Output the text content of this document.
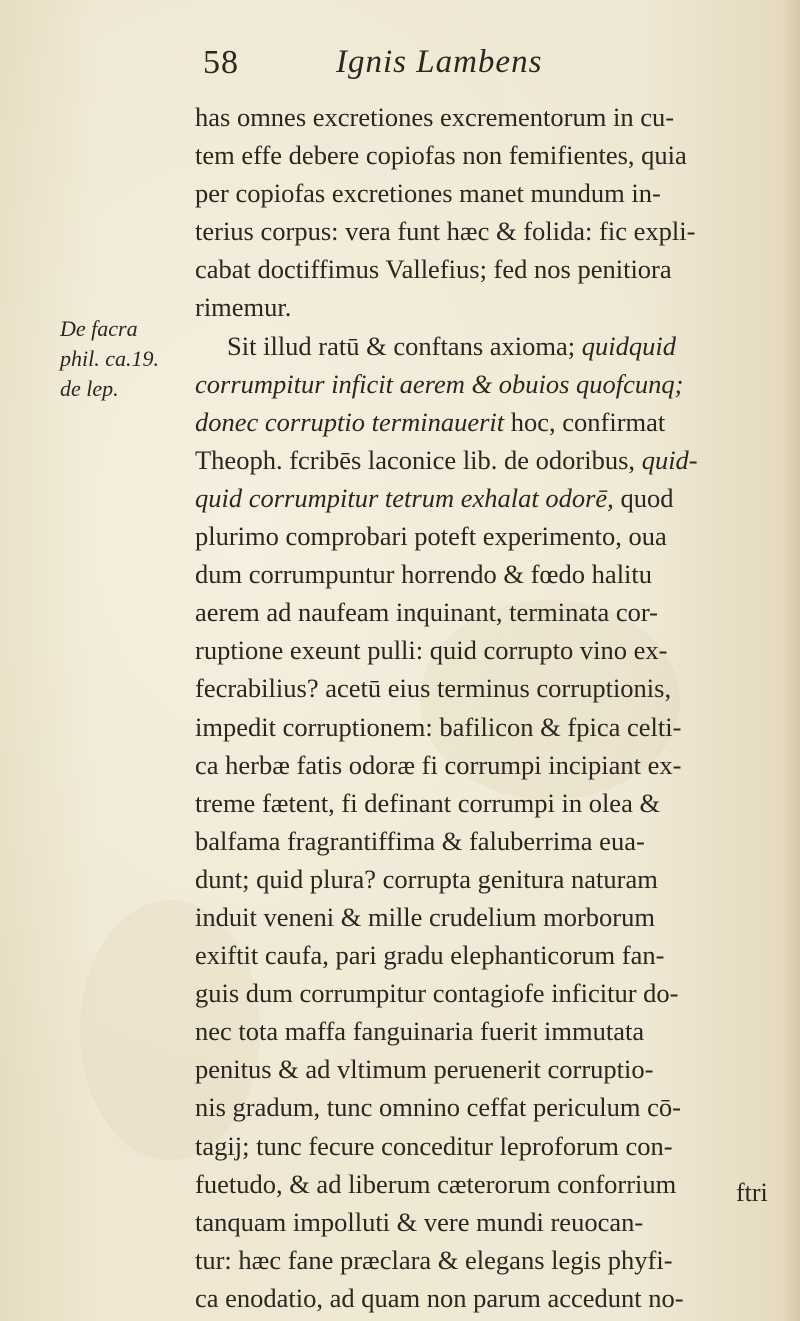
58	Ignis Lambens
De facra
phil. ca.19.
de lep.
has omnes excretiones excrementorum in cu-
tem effe debere copiofas non femifientes, quia
per copiofas excretiones manet mundum in-
terius corpus: vera funt hæc & folida: fic expli-
cabat doctiffimus Vallefius; fed nos penitiora
rimemur.
Sit illud ratū & conftans axioma; quidquid
corrumpitur inficit aerem & obuios quofcunq;
donec corruptio terminauerit hoc, confirmat
Theoph. fcribēs laconice lib. de odoribus, quid-
quid corrumpitur tetrum exhalat odorē, quod
plurimo comprobari poteft experimento, oua
dum corrumpuntur horrendo & fœdo halitu
aerem ad naufeam inquinant, terminata cor-
ruptione exeunt pulli: quid corrupto vino ex-
fecrabilius? acetū eius terminus corruptionis,
impedit corruptionem: bafilicon & fpica celti-
ca herbæ fatis odoræ fi corrumpi incipiant ex-
treme fætent, fi definant corrumpi in olea &
balfama fragrantiffima & faluberrima eua-
dunt; quid plura? corrupta genitura naturam
induit veneni & mille crudelium morborum
exiftit caufa, pari gradu elephanticorum fan-
guis dum corrumpitur contagiofe inficitur do-
nec tota maffa fanguinaria fuerit immutata
penitus & ad vltimum peruenerit corruptio-
nis gradum, tunc omnino ceffat periculum cō-
tagij; tunc fecure conceditur leproforum con-
fuetudo, & ad liberum cæterorum conforrium
tanquam impolluti & vere mundi reuocan-
tur: hæc fane præclara & elegans legis phyfi-
ca enodatio, ad quam non parum accedunt no-
ftri
